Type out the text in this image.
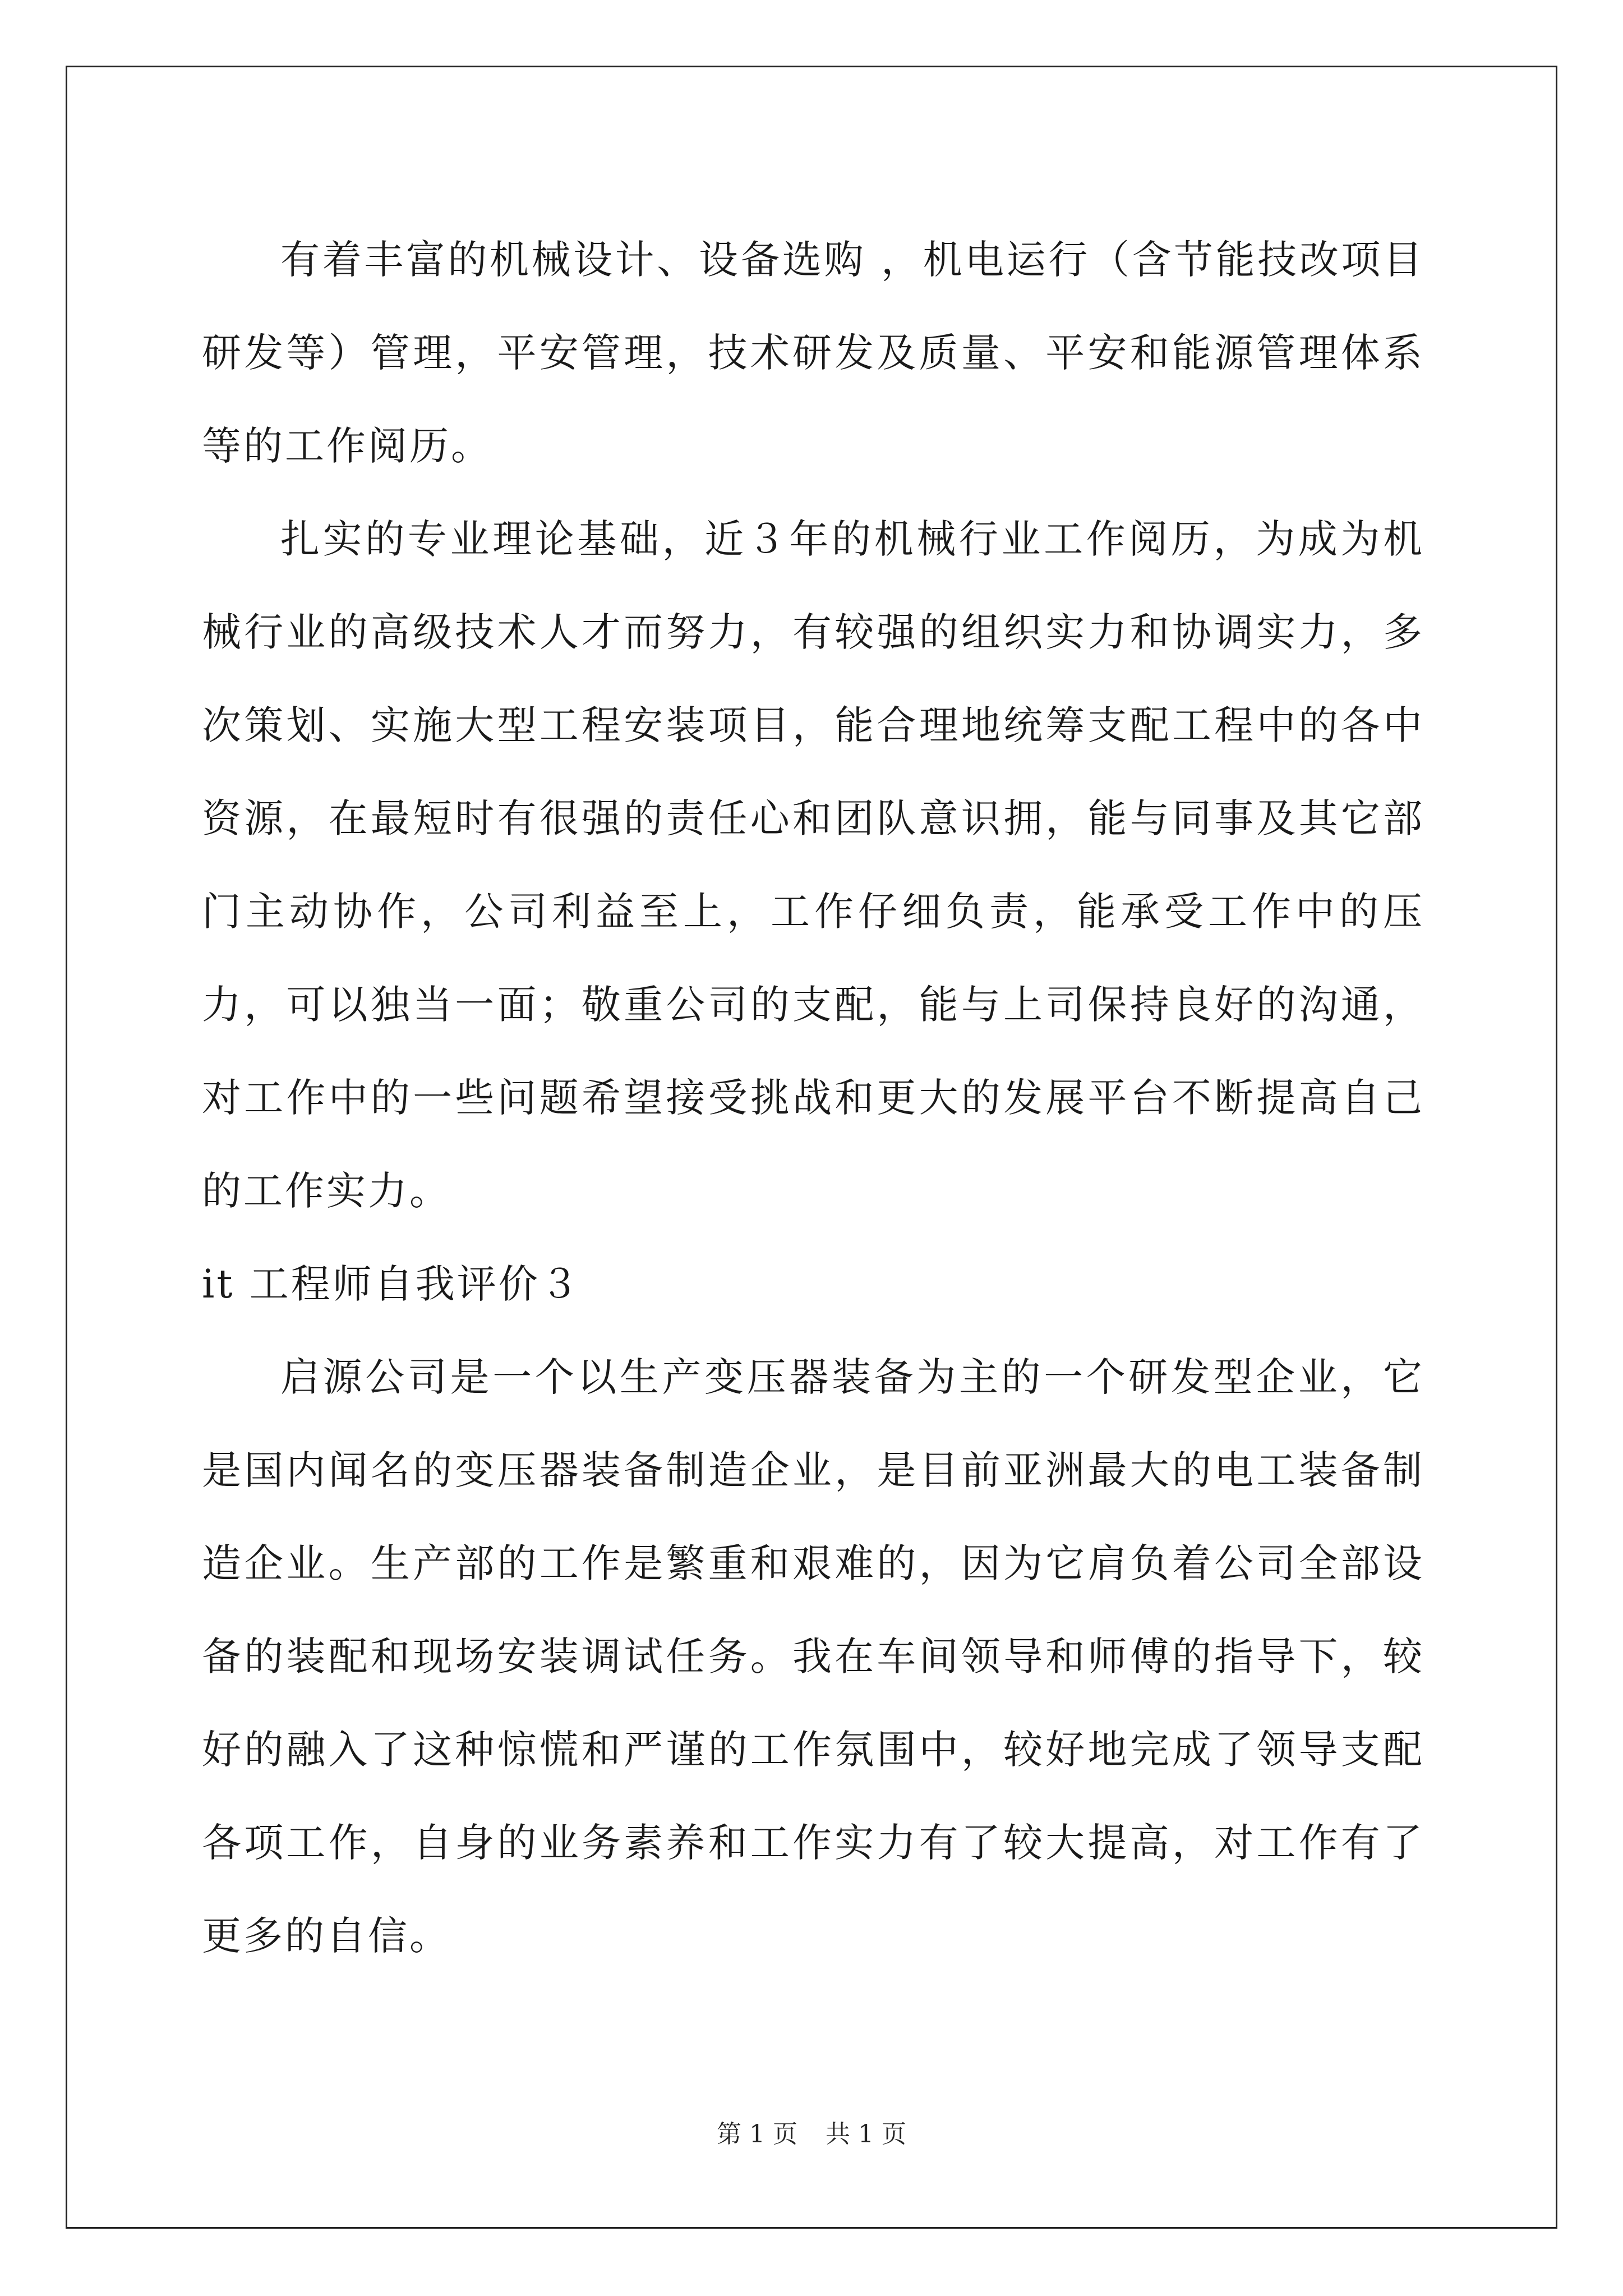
有着丰富的机械设计、设备选购 ，机电运行（含节能技改项目研发等）管理，平安管理，技术研发及质量、平安和能源管理体系等的工作阅历。

扎实的专业理论基础，近３年的机械行业工作阅历，为成为机械行业的高级技术人才而努力，有较强的组织实力和协调实力，多次策划、实施大型工程安装项目，能合理地统筹支配工程中的各中资源，在最短时有很强的责任心和团队意识拥，能与同事及其它部门主动协作，公司利益至上，工作仔细负责，能承受工作中的压力，可以独当一面；敬重公司的支配，能与上司保持良好的沟通，对工作中的一些问题希望接受挑战和更大的发展平台不断提高自己的工作实力。

it 工程师自我评价３

启源公司是一个以生产变压器装备为主的一个研发型企业，它是国内闻名的变压器装备制造企业，是目前亚洲最大的电工装备制造企业。生产部的工作是繁重和艰难的，因为它肩负着公司全部设备的装配和现场安装调试任务。我在车间领导和师傅的指导下，较好的融入了这种惊慌和严谨的工作氛围中，较好地完成了领导支配各项工作，自身的业务素养和工作实力有了较大提高，对工作有了更多的自信。

第 1 页 共 1 页
